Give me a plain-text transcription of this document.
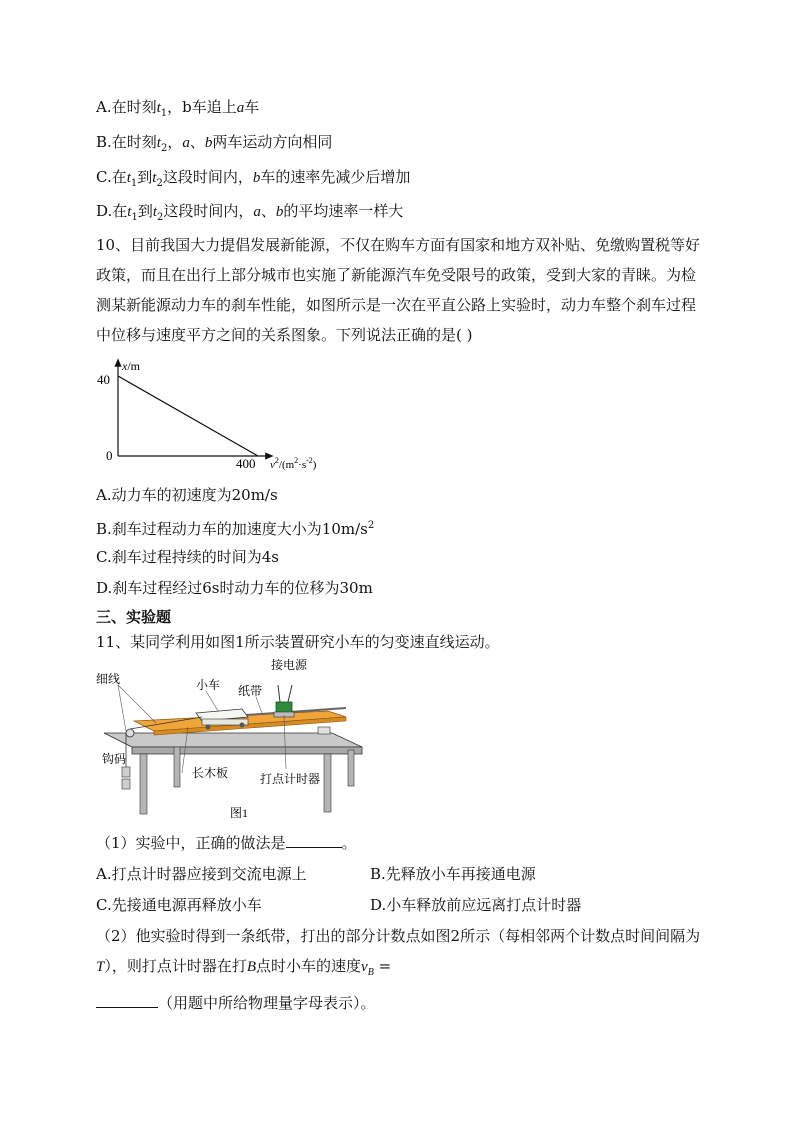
A.在时刻$t_1$，b车追上a车
B.在时刻$t_2$，a、b两车运动方向相同
C.在$t_1$到$t_2$这段时间内，b车的速率先减少后增加
D.在$t_1$到$t_2$这段时间内，a、b的平均速率一样大
10、目前我国大力提倡发展新能源，不仅在购车方面有国家和地方双补贴、免缴购置税等好政策，而且在出行上部分城市也实施了新能源汽车免受限号的政策，受到大家的青睐。为检测某新能源动力车的刹车性能，如图所示是一次在平直公路上实验时，动力车整个刹车过程中位移与速度平方之间的关系图象。下列说法正确的是( )
x/m
40
0
400 $v^2/(m^2\cdot s^{-2})$
A.动力车的初速度为20m/s
B.刹车过程动力车的加速度大小为$10m/s^2$
C.刹车过程持续的时间为4s
D.刹车过程经过6s时动力车的位移为30m
三、实验题
11、某同学利用如图1所示装置研究小车的匀变速直线运动。
接电源
细线	小车 纸带
钩码
长木板	打点计时器
图1
（1）实验中，正确的做法是	。
A.打点计时器应接到交流电源上	B.先释放小车再接通电源
C.先接通电源再释放小车	D.小车释放前应远离打点计时器
（2）他实验时得到一条纸带，打出的部分计数点如图2所示（每相邻两个计数点时间间隔为T），则打点计时器在打B点时小车的速度$v_B$ =
（用题中所给物理量字母表示）。
